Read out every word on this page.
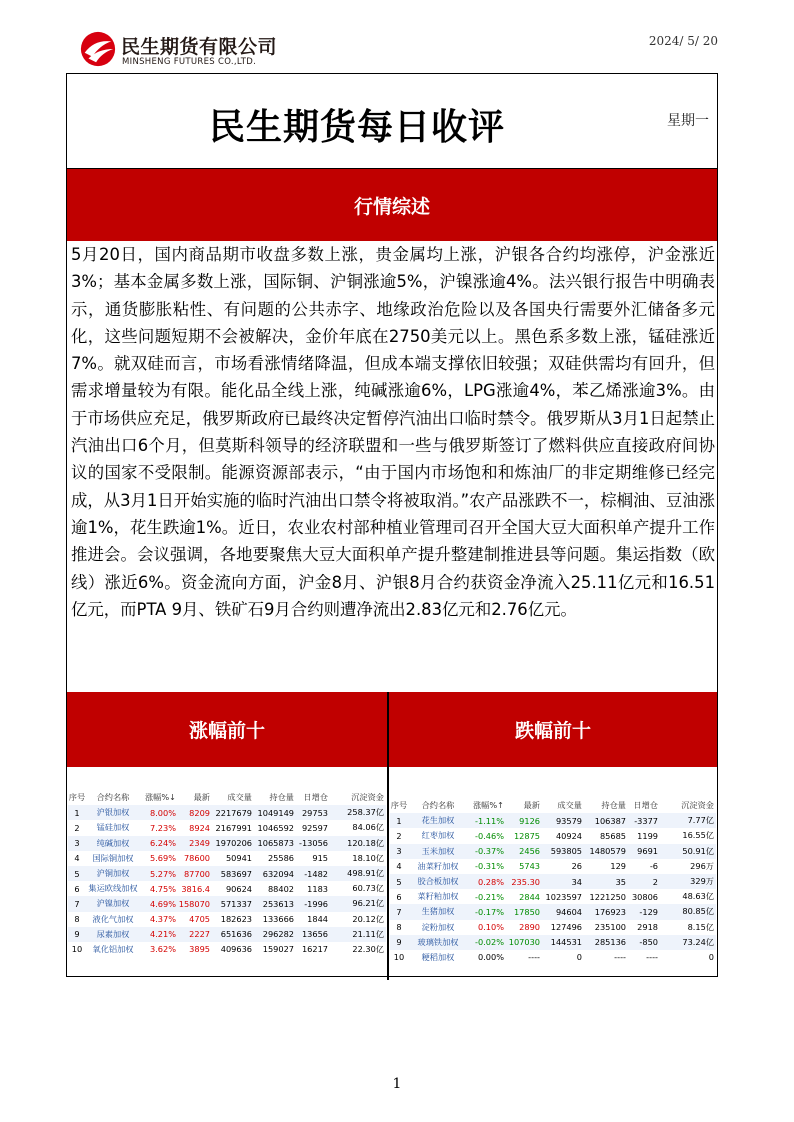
民生期货有限公司
MINSHENG FUTURES CO.,LTD.
2024/ 5/ 20
民生期货每日收评	星期一
行情综述
5月20日，国内商品期市收盘多数上涨，贵金属均上涨，沪银各合约均涨停，沪金涨近3%；基本金属多数上涨，国际铜、沪铜涨逾5%，沪镍涨逾4%。法兴银行报告中明确表示，通货膨胀粘性、有问题的公共赤字、地缘政治危险以及各国央行需要外汇储备多元化，这些问题短期不会被解决，金价年底在2750美元以上。黑色系多数上涨，锰硅涨近7%。就双硅而言，市场看涨情绪降温，但成本端支撑依旧较强；双硅供需均有回升，但需求增量较为有限。能化品全线上涨，纯碱涨逾6%，LPG涨逾4%，苯乙烯涨逾3%。由于市场供应充足，俄罗斯政府已最终决定暂停汽油出口临时禁令。俄罗斯从3月1日起禁止汽油出口6个月，但莫斯科领导的经济联盟和一些与俄罗斯签订了燃料供应直接政府间协议的国家不受限制。能源资源部表示，“由于国内市场饱和和炼油厂的非定期维修已经完成，从3月1日开始实施的临时汽油出口禁令将被取消。”农产品涨跌不一，棕榈油、豆油涨逾1%，花生跌逾1%。近日，农业农村部种植业管理司召开全国大豆大面积单产提升工作推进会。会议强调，各地要聚焦大豆大面积单产提升整建制推进县等问题。集运指数（欧线）涨近6%。资金流向方面，沪金8月、沪银8月合约获资金净流入25.11亿元和16.51亿元，而PTA 9月、铁矿石9月合约则遭净流出2.83亿元和2.76亿元。
涨幅前十	跌幅前十
序号	合约名称	涨幅%↓	最新	成交量	持仓量	日增仓	沉淀资金
1	沪银加权	8.00%	8209	2217679	1049149	29753	258.37亿
2	锰硅加权	7.23%	8924	2167991	1046592	92597	84.06亿
3	纯碱加权	6.24%	2349	1970206	1065873	-13056	120.18亿
4	国际铜加权	5.69%	78600	50941	25586	915	18.10亿
5	沪铜加权	5.27%	87700	583697	632094	-1482	498.91亿
6	集运欧线加权	4.75%	3816.4	90624	88402	1183	60.73亿
7	沪镍加权	4.69%	158070	571337	253613	-1996	96.21亿
8	液化气加权	4.37%	4705	182623	133666	1844	20.12亿
9	尿素加权	4.21%	2227	651636	296282	13656	21.11亿
10	氧化铝加权	3.62%	3895	409636	159027	16217	22.30亿
序号	合约名称	涨幅%↑	最新	成交量	持仓量	日增仓	沉淀资金
1	花生加权	-1.11%	9126	93579	106387	-3377	7.77亿
2	红枣加权	-0.46%	12875	40924	85685	1199	16.55亿
3	玉米加权	-0.37%	2456	593805	1480579	9691	50.91亿
4	油菜籽加权	-0.31%	5743	26	129	-6	296万
5	胶合板加权	0.28%	235.30	34	35	2	329万
6	菜籽粕加权	-0.21%	2844	1023597	1221250	30806	48.63亿
7	生猪加权	-0.17%	17850	94604	176923	-129	80.85亿
8	淀粉加权	0.10%	2890	127496	235100	2918	8.15亿
9	玻璃铁加权	-0.02%	107030	144531	285136	-850	73.24亿
10	粳稻加权	0.00%	----	0	----	----	0
1
